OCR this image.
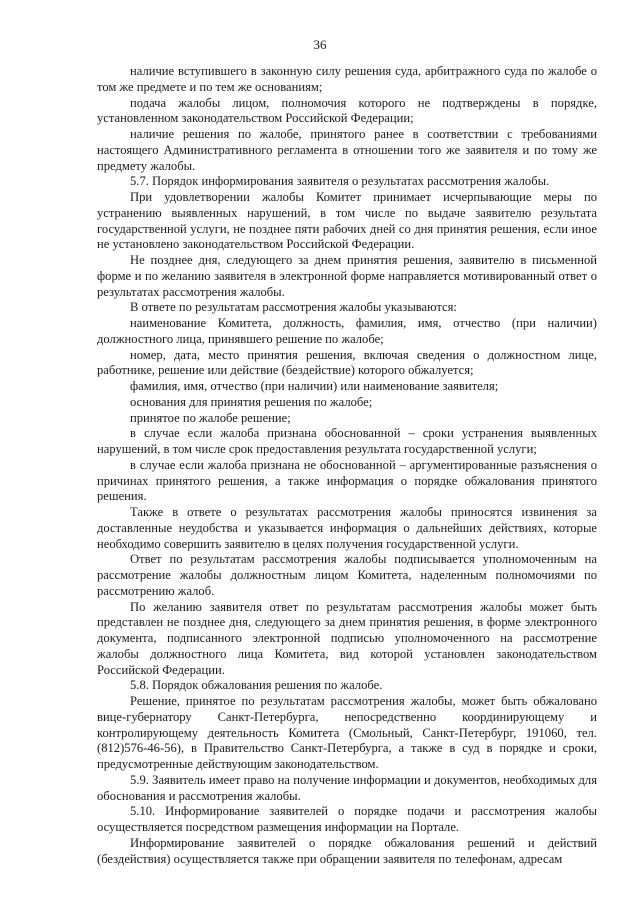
36

наличие вступившего в законную силу решения суда, арбитражного суда по жалобе о том же предмете и по тем же основаниям;

подача жалобы лицом, полномочия которого не подтверждены в порядке, установленном законодательством Российской Федерации;

наличие решения по жалобе, принятого ранее в соответствии с требованиями настоящего Административного регламента в отношении того же заявителя и по тому же предмету жалобы.

5.7. Порядок информирования заявителя о результатах рассмотрения жалобы.

При удовлетворении жалобы Комитет принимает исчерпывающие меры по устранению выявленных нарушений, в том числе по выдаче заявителю результата государственной услуги, не позднее пяти рабочих дней со дня принятия решения, если иное не установлено законодательством Российской Федерации.

Не позднее дня, следующего за днем принятия решения, заявителю в письменной форме и по желанию заявителя в электронной форме направляется мотивированный ответ о результатах рассмотрения жалобы.

В ответе по результатам рассмотрения жалобы указываются:

наименование Комитета, должность, фамилия, имя, отчество (при наличии) должностного лица, принявшего решение по жалобе;

номер, дата, место принятия решения, включая сведения о должностном лице, работнике, решение или действие (бездействие) которого обжалуется;

фамилия, имя, отчество (при наличии) или наименование заявителя;

основания для принятия решения по жалобе;

принятое по жалобе решение;

в случае если жалоба признана обоснованной – сроки устранения выявленных нарушений, в том числе срок предоставления результата государственной услуги;

в случае если жалоба признана не обоснованной – аргументированные разъяснения о причинах принятого решения, а также информация о порядке обжалования принятого решения.

Также в ответе о результатах рассмотрения жалобы приносятся извинения за доставленные неудобства и указывается информация о дальнейших действиях, которые необходимо совершить заявителю в целях получения государственной услуги.

Ответ по результатам рассмотрения жалобы подписывается уполномоченным на рассмотрение жалобы должностным лицом Комитета, наделенным полномочиями по рассмотрению жалоб.

По желанию заявителя ответ по результатам рассмотрения жалобы может быть представлен не позднее дня, следующего за днем принятия решения, в форме электронного документа, подписанного электронной подписью уполномоченного на рассмотрение жалобы должностного лица Комитета, вид которой установлен законодательством Российской Федерации.

5.8. Порядок обжалования решения по жалобе.

Решение, принятое по результатам рассмотрения жалобы, может быть обжаловано вице-губернатору Санкт-Петербурга, непосредственно координирующему и контролирующему деятельность Комитета (Смольный, Санкт-Петербург, 191060, тел. (812)576-46-56), в Правительство Санкт-Петербурга, а также в суд в порядке и сроки, предусмотренные действующим законодательством.

5.9. Заявитель имеет право на получение информации и документов, необходимых для обоснования и рассмотрения жалобы.

5.10. Информирование заявителей о порядке подачи и рассмотрения жалобы осуществляется посредством размещения информации на Портале.

Информирование заявителей о порядке обжалования решений и действий (бездействия) осуществляется также при обращении заявителя по телефонам, адресам
